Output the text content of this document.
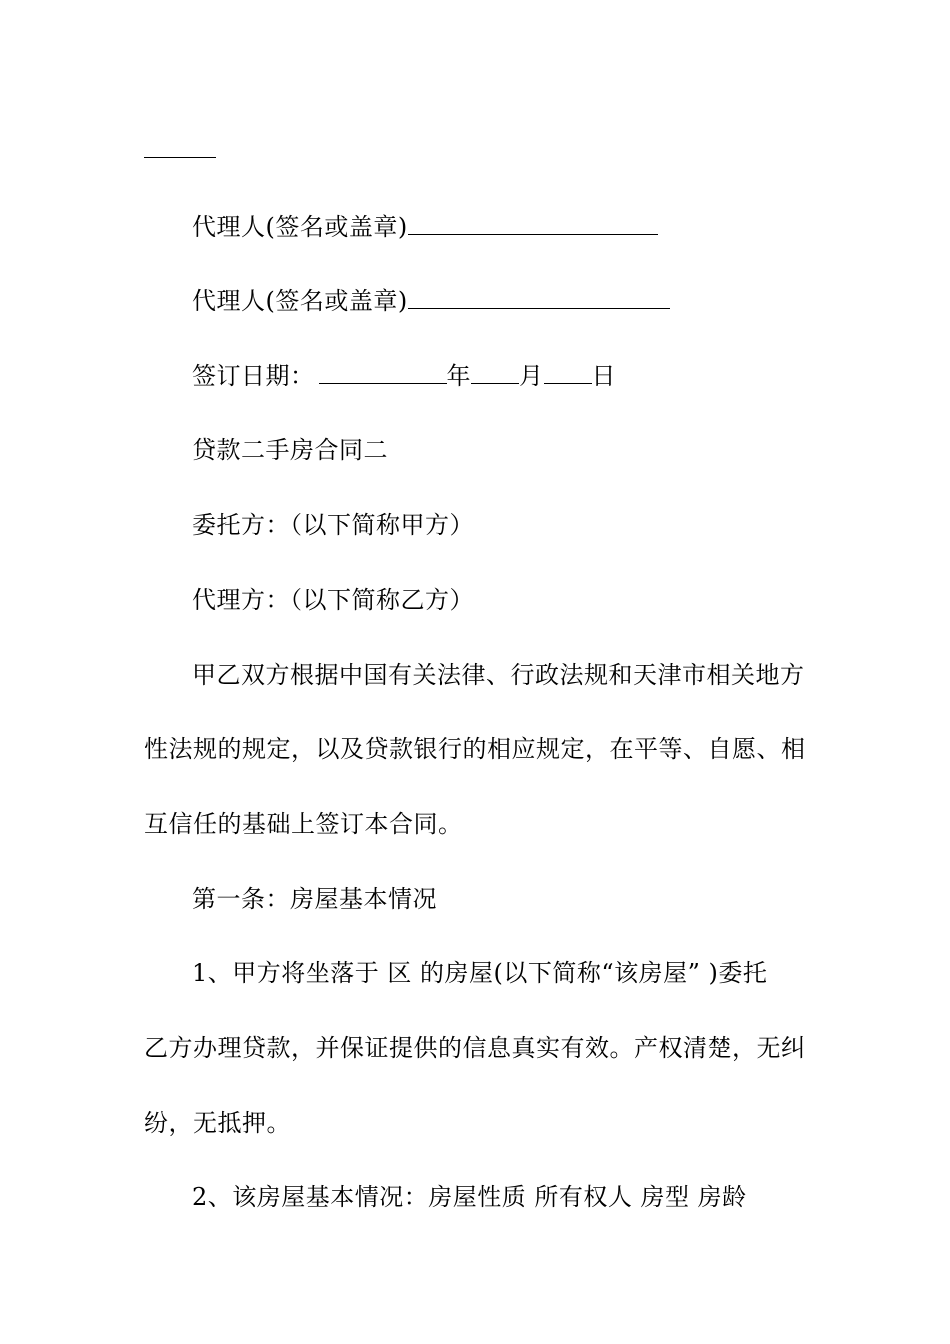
代理人(签名或盖章)
代理人(签名或盖章)
签订日期：	年 月 日
贷款二手房合同二
委托方：（以下简称甲方）
代理方：（以下简称乙方）
甲乙双方根据中国有关法律、行政法规和天津市相关地方
性法规的规定，以及贷款银行的相应规定，在平等、自愿、相
互信任的基础上签订本合同。
第一条：房屋基本情况
1、甲方将坐落于 区 的房屋(以下简称“该房屋” )委托
乙方办理贷款，并保证提供的信息真实有效。产权清楚，无纠
纷，无抵押。
2、该房屋基本情况：房屋性质 所有权人 房型 房龄
